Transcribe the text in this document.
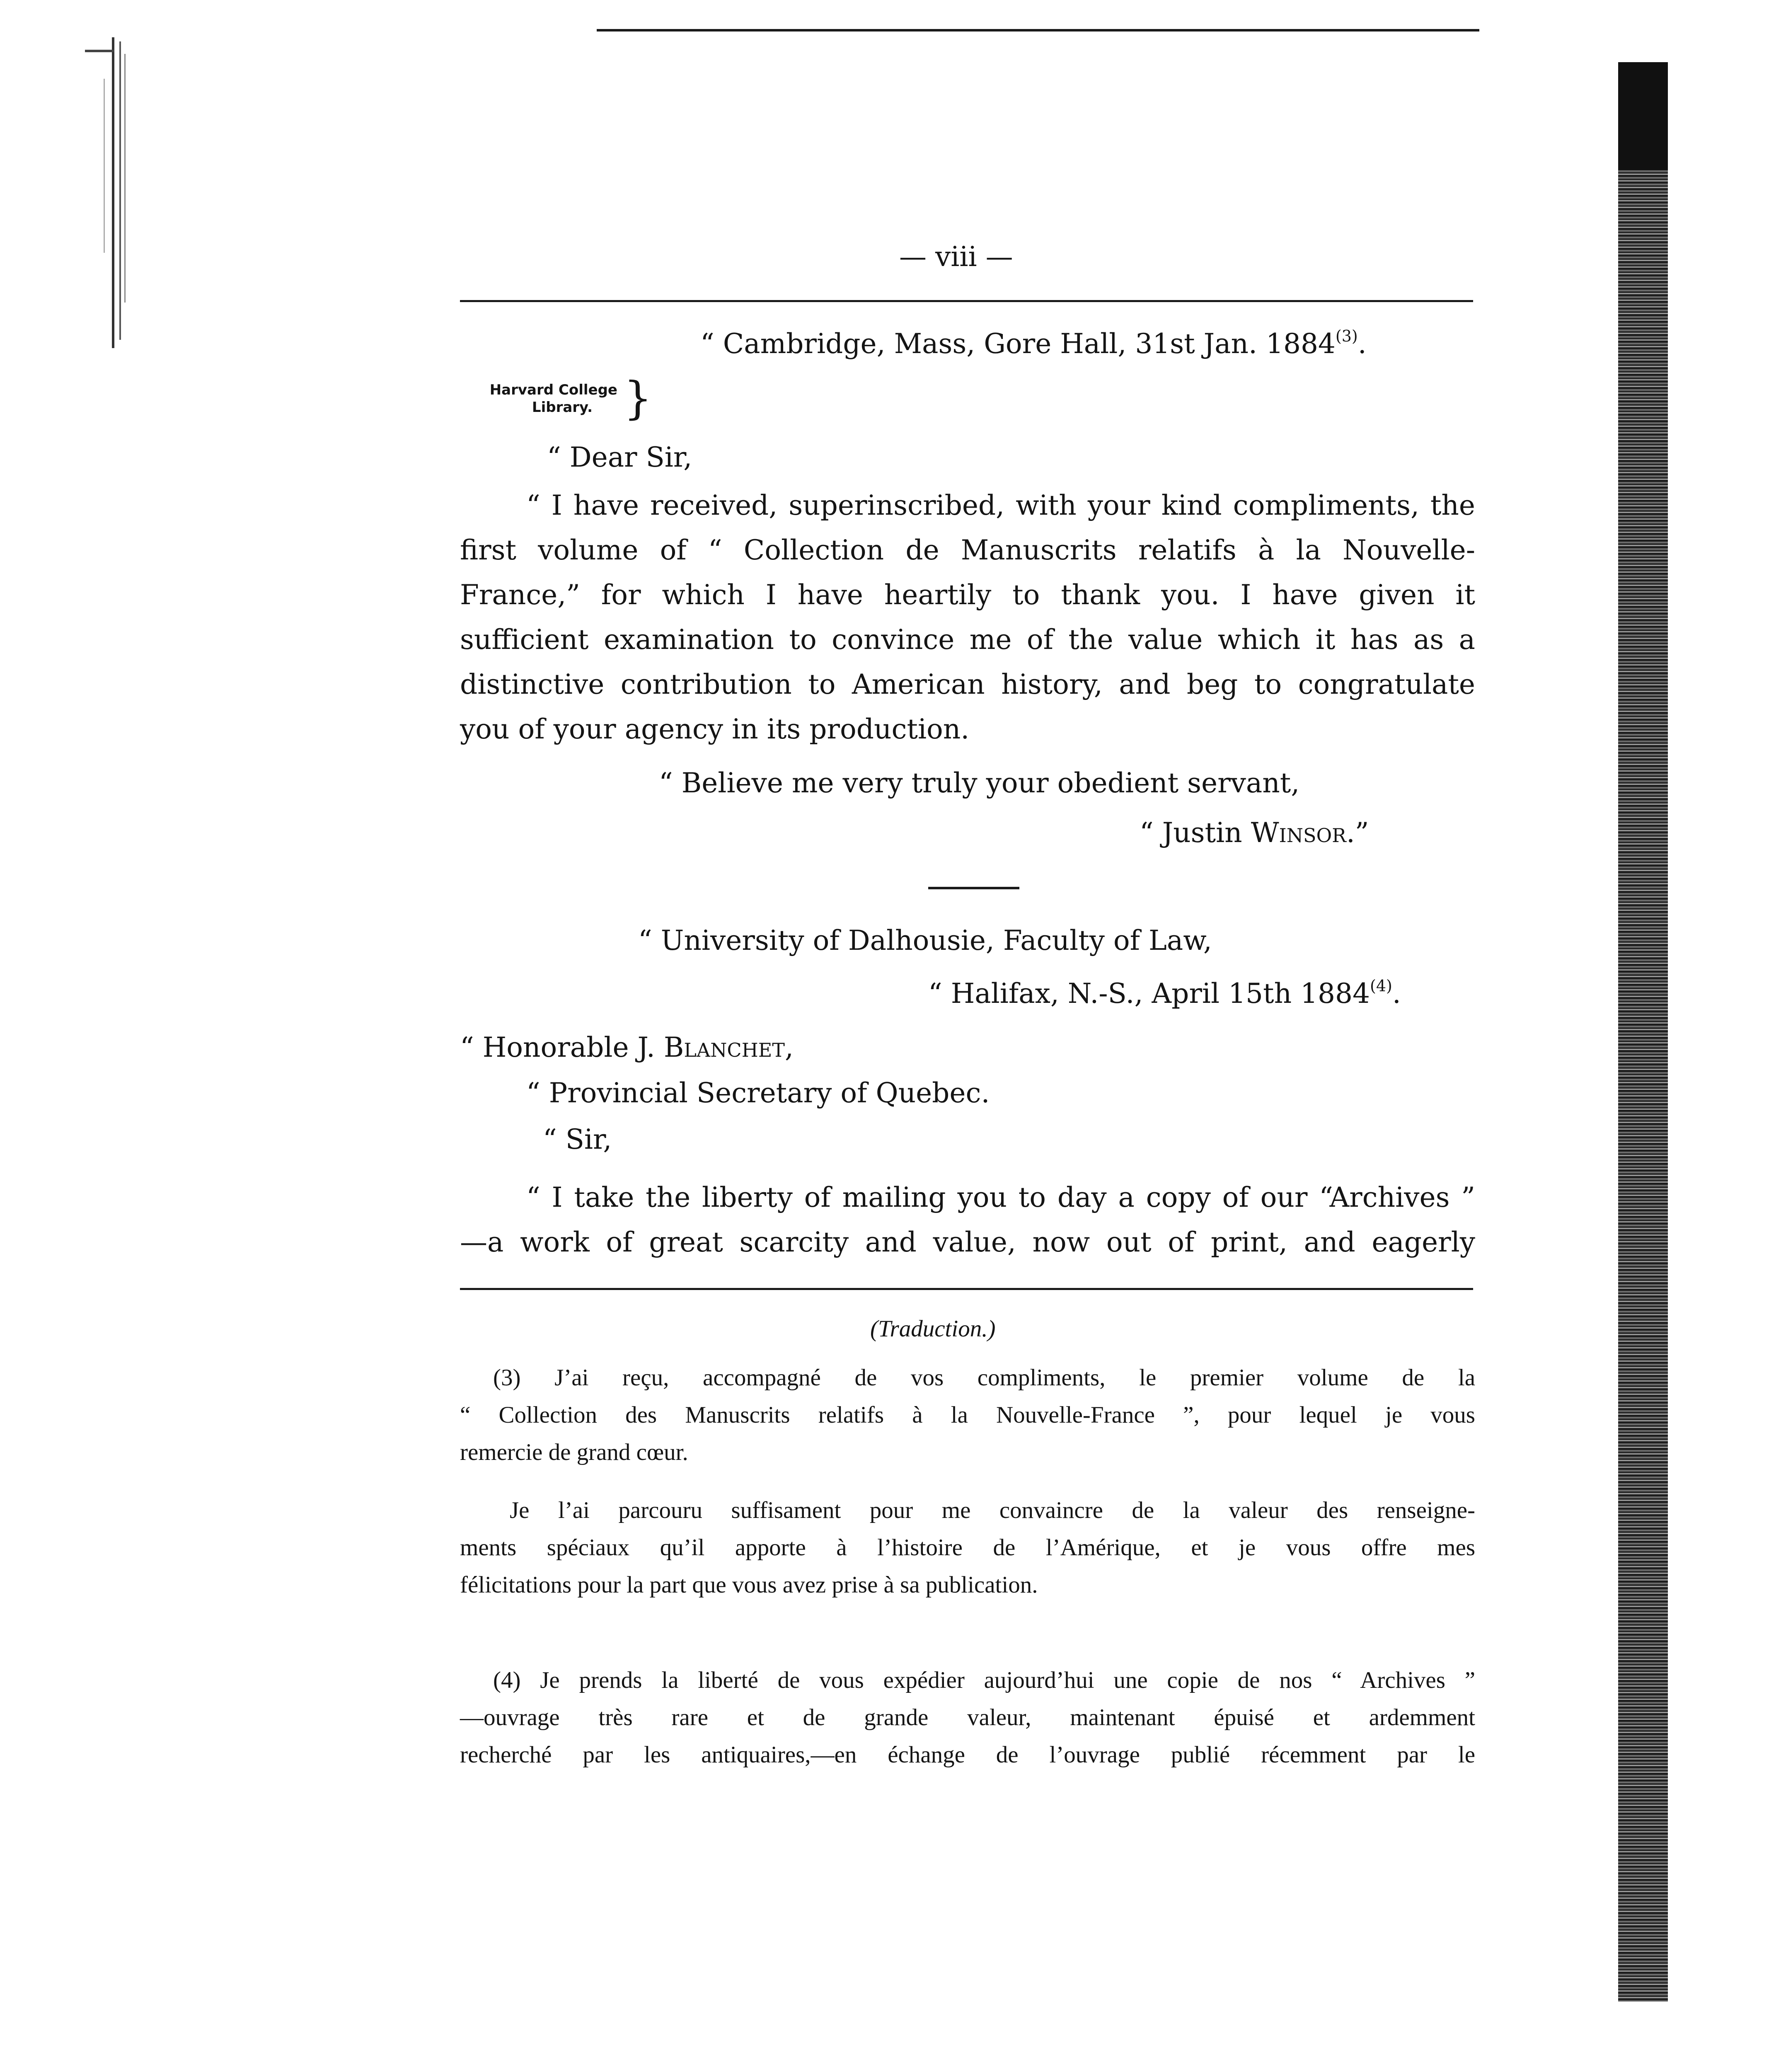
— viii —
“ Cambridge, Mass, Gore Hall, 31st Jan. 1884$^{(3)}$.
Harvard College
Library. }
“ Dear Sir,
“ I have received, superinscribed, with your kind compliments, the
first volume of “ Collection de Manuscrits relatifs à la Nouvelle-
France,” for which I have heartily to thank you. I have given it
sufficient examination to convince me of the value which it has as a
distinctive contribution to American history, and beg to congratulate
you of your agency in its production.
“ Believe me very truly your obedient servant,
“ Justin Winsor.”
“ University of Dalhousie, Faculty of Law,
“ Halifax, N.-S., April 15th 1884$^{(4)}$.
“ Honorable J. Blanchet,
“ Provincial Secretary of Quebec.
“ Sir,
“ I take the liberty of mailing you to day a copy of our “Archives ”
—a work of great scarcity and value, now out of print, and eagerly
(Traduction.)
(3) J’ai reçu, accompagné de vos compliments, le premier volume de la
“ Collection des Manuscrits relatifs à la Nouvelle-France ”, pour lequel je vous
remercie de grand cœur.
Je l’ai parcouru suffisament pour me convaincre de la valeur des renseigne-
ments spéciaux qu’il apporte à l’histoire de l’Amérique, et je vous offre mes
félicitations pour la part que vous avez prise à sa publication.
(4) Je prends la liberté de vous expédier aujourd’hui une copie de nos “ Archives ”
—ouvrage très rare et de grande valeur, maintenant épuisé et ardemment
recherché par les antiquaires,—en échange de l’ouvrage publié récemment par le
